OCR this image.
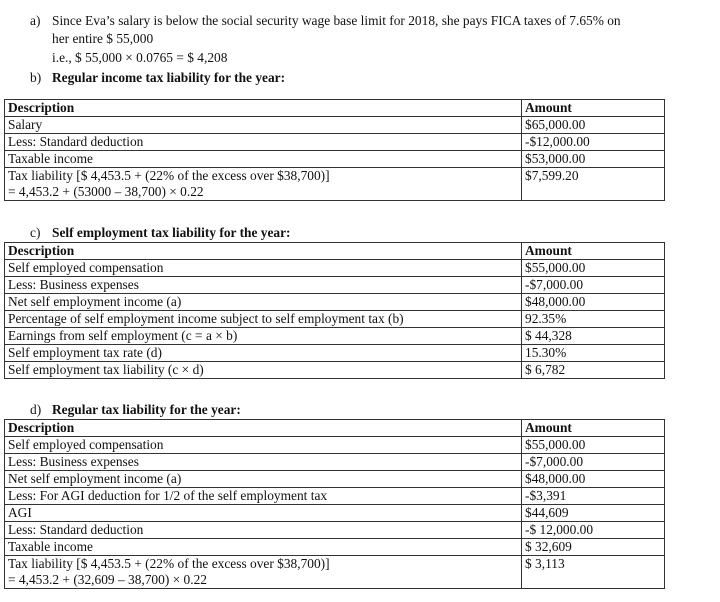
a) Since Eva’s salary is below the social security wage base limit for 2018, she pays FICA taxes of 7.65% on
her entire $ 55,000
i.e., $ 55,000 × 0.0765 = $ 4,208
b) Regular income tax liability for the year:
Description	Amount
Salary	$65,000.00
Less: Standard deduction	-$12,000.00
Taxable income	$53,000.00

Tax liability [$ 4,453.5 + (22% of the excess over $38,700)]
= 4,453.2 + (53000 – 38,700) × 0.22	$7,599.20
c) Self employment tax liability for the year:
Description	Amount
Self employed compensation	$55,000.00
Less: Business expenses	-$7,000.00
Net self employment income (a)	$48,000.00
Percentage of self employment income subject to self employment tax (b)	92.35%
Earnings from self employment (c = a × b)	$ 44,328
Self employment tax rate (d)	15.30%
Self employment tax liability (c × d)	$ 6,782
d) Regular tax liability for the year:
Description	Amount
Self employed compensation	$55,000.00
Less: Business expenses	-$7,000.00
Net self employment income (a)	$48,000.00
Less: For AGI deduction for 1/2 of the self employment tax	-$3,391
AGI	$44,609
Less: Standard deduction	-$ 12,000.00
Taxable income	$ 32,609

Tax liability [$ 4,453.5 + (22% of the excess over $38,700)]
= 4,453.2 + (32,609 – 38,700) × 0.22	$ 3,113
